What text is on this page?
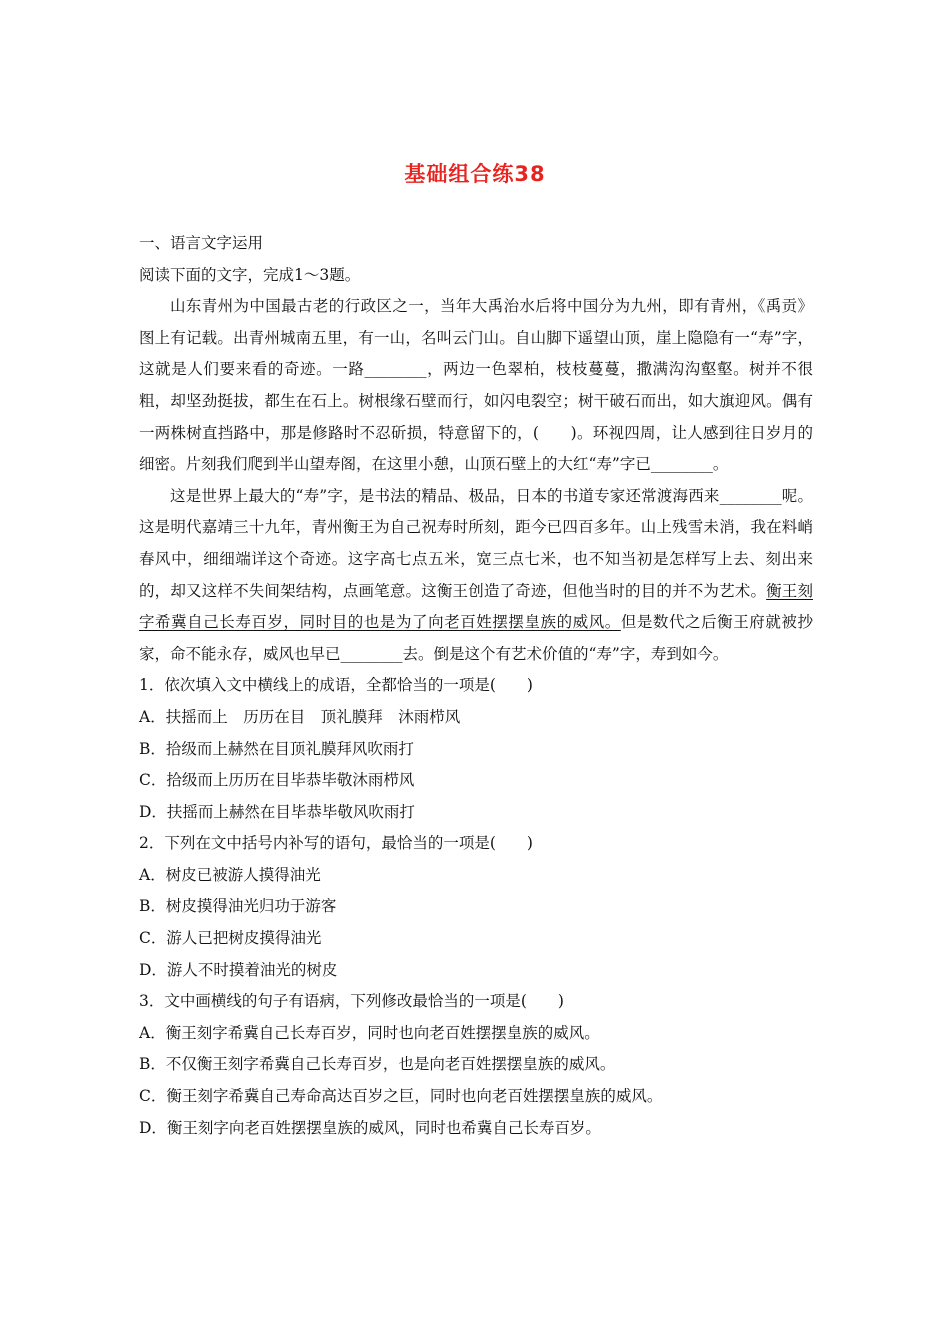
基础组合练38
一、语言文字运用
阅读下面的文字，完成1～3题。

山东青州为中国最古老的行政区之一，当年大禹治水后将中国分为九州，即有青州，《禹贡》图上有记载。出青州城南五里，有一山，名叫云门山。自山脚下遥望山顶，崖上隐隐有一“寿”字，这就是人们要来看的奇迹。一路________，两边一色翠柏，枝枝蔓蔓，撒满沟沟壑壑。树并不很粗，却坚劲挺拔，都生在石上。树根缘石壁而行，如闪电裂空；树干破石而出，如大旗迎风。偶有一两株树直挡路中，那是修路时不忍斫损，特意留下的，(　　)。环视四周，让人感到往日岁月的细密。片刻我们爬到半山望寿阁，在这里小憩，山顶石壁上的大红“寿”字已________。

这是世界上最大的“寿”字，是书法的精品、极品，日本的书道专家还常渡海西来________呢。这是明代嘉靖三十九年，青州衡王为自己祝寿时所刻，距今已四百多年。山上残雪未消，我在料峭春风中，细细端详这个奇迹。这字高七点五米，宽三点七米，也不知当初是怎样写上去、刻出来的，却又这样不失间架结构，点画笔意。这衡王创造了奇迹，但他当时的目的并不为艺术。衡王刻字希冀自己长寿百岁，同时目的也是为了向老百姓摆摆皇族的威风。但是数代之后衡王府就被抄家，命不能永存，威风也早已________去。倒是这个有艺术价值的“寿”字，寿到如今。

1．依次填入文中横线上的成语，全都恰当的一项是(　　)
A．扶摇而上　历历在目　顶礼膜拜　沐雨栉风
B．拾级而上赫然在目顶礼膜拜风吹雨打
C．拾级而上历历在目毕恭毕敬沐雨栉风
D．扶摇而上赫然在目毕恭毕敬风吹雨打
2．下列在文中括号内补写的语句，最恰当的一项是(　　)
A．树皮已被游人摸得油光
B．树皮摸得油光归功于游客
C．游人已把树皮摸得油光
D．游人不时摸着油光的树皮
3．文中画横线的句子有语病，下列修改最恰当的一项是(　　)
A．衡王刻字希冀自己长寿百岁，同时也向老百姓摆摆皇族的威风。
B．不仅衡王刻字希冀自己长寿百岁，也是向老百姓摆摆皇族的威风。
C．衡王刻字希冀自己寿命高达百岁之巨，同时也向老百姓摆摆皇族的威风。
D．衡王刻字向老百姓摆摆皇族的威风，同时也希冀自己长寿百岁。
